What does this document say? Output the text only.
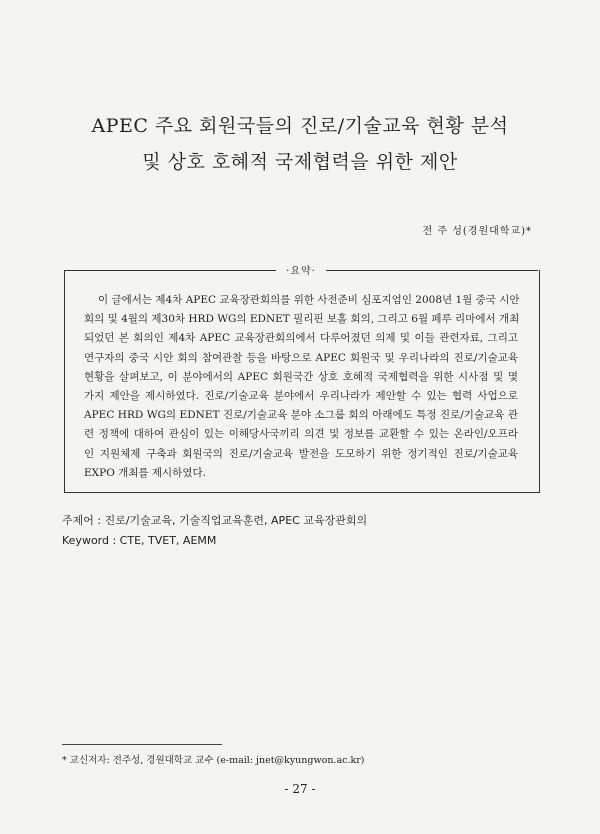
APEC 주요 회원국들의 진로/기술교육 현황 분석
및 상호 호혜적 국제협력을 위한 제안
전 주 성(경원대학교)*
·요약·
이 글에서는 제4차 APEC 교육장관회의를 위한 사전준비 심포지엄인 2008년 1월 중국 시안
회의 및 4월의 제30차 HRD WG의 EDNET 필리핀 보홀 회의, 그리고 6월 페루 리마에서 개최
되었던 본 회의인 제4차 APEC 교육장관회의에서 다루어졌던 의제 및 이들 관련자료, 그리고
연구자의 중국 시안 회의 참여관찰 등을 바탕으로 APEC 회원국 및 우리나라의 진로/기술교육
현황을 살펴보고, 이 분야에서의 APEC 회원국간 상호 호혜적 국제협력을 위한 시사점 및 몇
가지 제안을 제시하였다. 진로/기술교육 분야에서 우리나라가 제안할 수 있는 협력 사업으로
APEC HRD WG의 EDNET 진로/기술교육 분야 소그룹 회의 아래에도 특정 진로/기술교육 관
련 정책에 대하여 관심이 있는 이해당사국끼리 의견 및 정보를 교환할 수 있는 온라인/오프라
인 지원체제 구축과 회원국의 진로/기술교육 발전을 도모하기 위한 정기적인 진로/기술교육
EXPO 개최를 제시하였다.
주제어 : 진로/기술교육, 기술직업교육훈련, APEC 교육장관회의
Keyword : CTE, TVET, AEMM
* 교신저자: 전주성, 경원대학교 교수 (e-mail: jnet@kyungwon.ac.kr)
- 27 -
